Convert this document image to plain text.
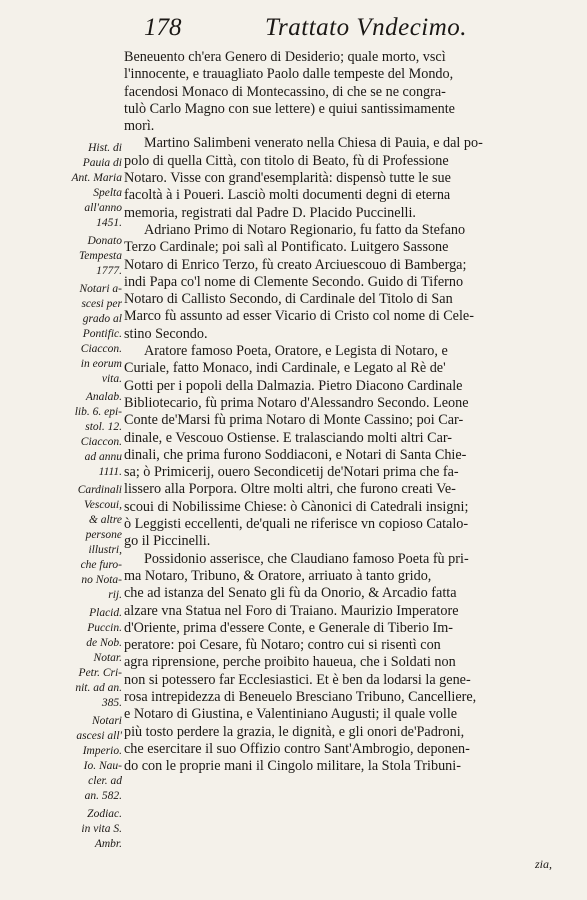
178	Trattato Vndecimo.
Hist. di
Pauia di
Ant. Maria
Spelta
all'anno
1451.
Donato
Tempesta
1777.
Notari a-
scesi per
grado al
Pontific.
Ciaccon.
in eorum
vita.
Analab.
lib. 6. epi-
stol. 12.
Ciaccon.
ad annu
1111.
Cardinali
Vescoui,
& altre
persone
illustri,
che furo-
no Nota-
rij.
Placid.
Puccin.
de Nob.
Notar.
Petr. Cri-
nit. ad an.
385.
Notari
ascesi all'
Imperio.
Io. Nau-
cler. ad
an. 582.
Zodiac.
in vita S.
Ambr.
Beneuento ch'era Genero di Desiderio; quale morto, vscì
l'innocente, e trauagliato Paolo dalle tempeste del Mondo,
facendosi Monaco di Montecassino, di che se ne congra-
tulò Carlo Magno con sue lettere) e quiui santissimamente
morì.
Martino Salimbeni venerato nella Chiesa di Pauia, e dal po-
polo di quella Città, con titolo di Beato, fù di Professione
Notaro. Visse con grand'esemplarità: dispensò tutte le sue
facoltà à i Poueri. Lasciò molti documenti degni di eterna
memoria, registrati dal Padre D. Placido Puccinelli.
Adriano Primo di Notaro Regionario, fu fatto da Stefano
Terzo Cardinale; poi salì al Pontificato. Luitgero Sassone
Notaro di Enrico Terzo, fù creato Arciuescouo di Bamberga;
indi Papa co'l nome di Clemente Secondo. Guido di Tiferno
Notaro di Callisto Secondo, di Cardinale del Titolo di San
Marco fù assunto ad esser Vicario di Cristo col nome di Cele-
stino Secondo.
Aratore famoso Poeta, Oratore, e Legista di Notaro, e
Curiale, fatto Monaco, indi Cardinale, e Legato al Rè de'
Gotti per i popoli della Dalmazia. Pietro Diacono Cardinale
Bibliotecario, fù prima Notaro d'Alessandro Secondo. Leone
Conte de'Marsi fù prima Notaro di Monte Cassino; poi Car-
dinale, e Vescouo Ostiense. E tralasciando molti altri Car-
dinali, che prima furono Soddiaconi, e Notari di Santa Chie-
sa; ò Primicerij, ouero Secondicetij de'Notari prima che fa-
lissero alla Porpora. Oltre molti altri, che furono creati Ve-
scoui di Nobilissime Chiese: ò Cànonici di Catedrali insigni;
ò Leggisti eccellenti, de'quali ne riferisce vn copioso Catalo-
go il Piccinelli.
Possidonio asserisce, che Claudiano famoso Poeta fù pri-
ma Notaro, Tribuno, & Oratore, arriuato à tanto grido,
che ad istanza del Senato gli fù da Onorio, & Arcadio fatta
alzare vna Statua nel Foro di Traiano. Maurizio Imperatore
d'Oriente, prima d'essere Conte, e Generale di Tiberio Im-
peratore: poi Cesare, fù Notaro; contro cui si risentì con
agra riprensione, perche proibito haueua, che i Soldati non
non si potessero far Ecclesiastici. Et è ben da lodarsi la gene-
rosa intrepidezza di Beneuelo Bresciano Tribuno, Cancelliere,
e Notaro di Giustina, e Valentiniano Augusti; il quale volle
più tosto perdere la grazia, le dignità, e gli onori de'Padroni,
che esercitare il suo Offizio contro Sant'Ambrogio, deponen-
do con le proprie mani il Cingolo militare, la Stola Tribuni-
zia,
